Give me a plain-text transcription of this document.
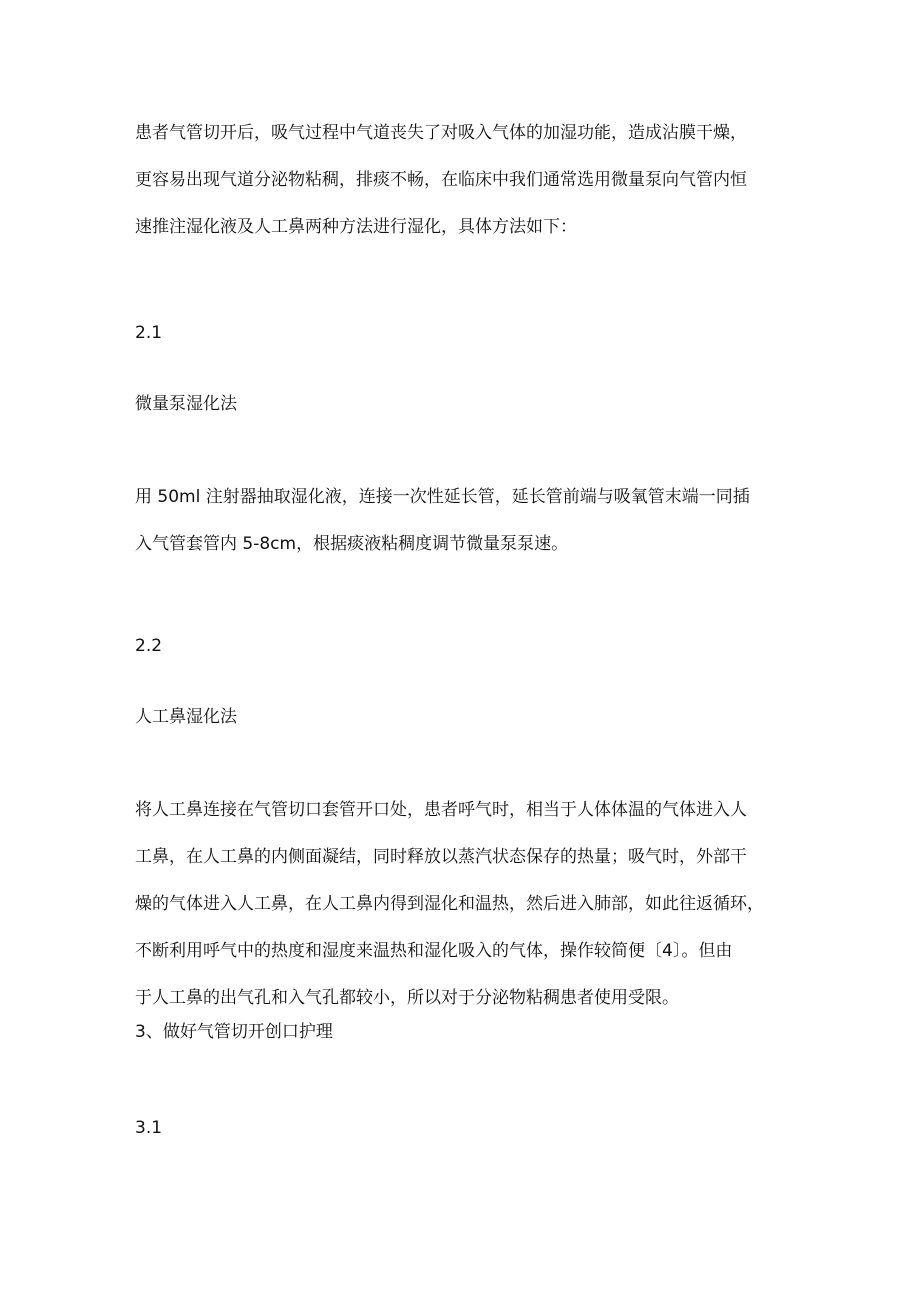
患者气管切开后，吸气过程中气道丧失了对吸入气体的加湿功能，造成沾膜干燥，
更容易出现气道分泌物粘稠，排痰不畅，在临床中我们通常选用微量泵向气管内恒
速推注湿化液及人工鼻两种方法进行湿化，具体方法如下：
2.1
微量泵湿化法
用 50ml 注射器抽取湿化液，连接一次性延长管，延长管前端与吸氧管末端一同插
入气管套管内 5-8cm，根据痰液粘稠度调节微量泵泵速。
2.2
人工鼻湿化法
将人工鼻连接在气管切口套管开口处，患者呼气时，相当于人体体温的气体进入人
工鼻，在人工鼻的内侧面凝结，同时释放以蒸汽状态保存的热量；吸气时，外部干
燥的气体进入人工鼻，在人工鼻内得到湿化和温热，然后进入肺部，如此往返循环，
不断利用呼气中的热度和湿度来温热和湿化吸入的气体，操作较简便〔4〕。但由
于人工鼻的出气孔和入气孔都较小，所以对于分泌物粘稠患者使用受限。
3、做好气管切开创口护理
3.1
